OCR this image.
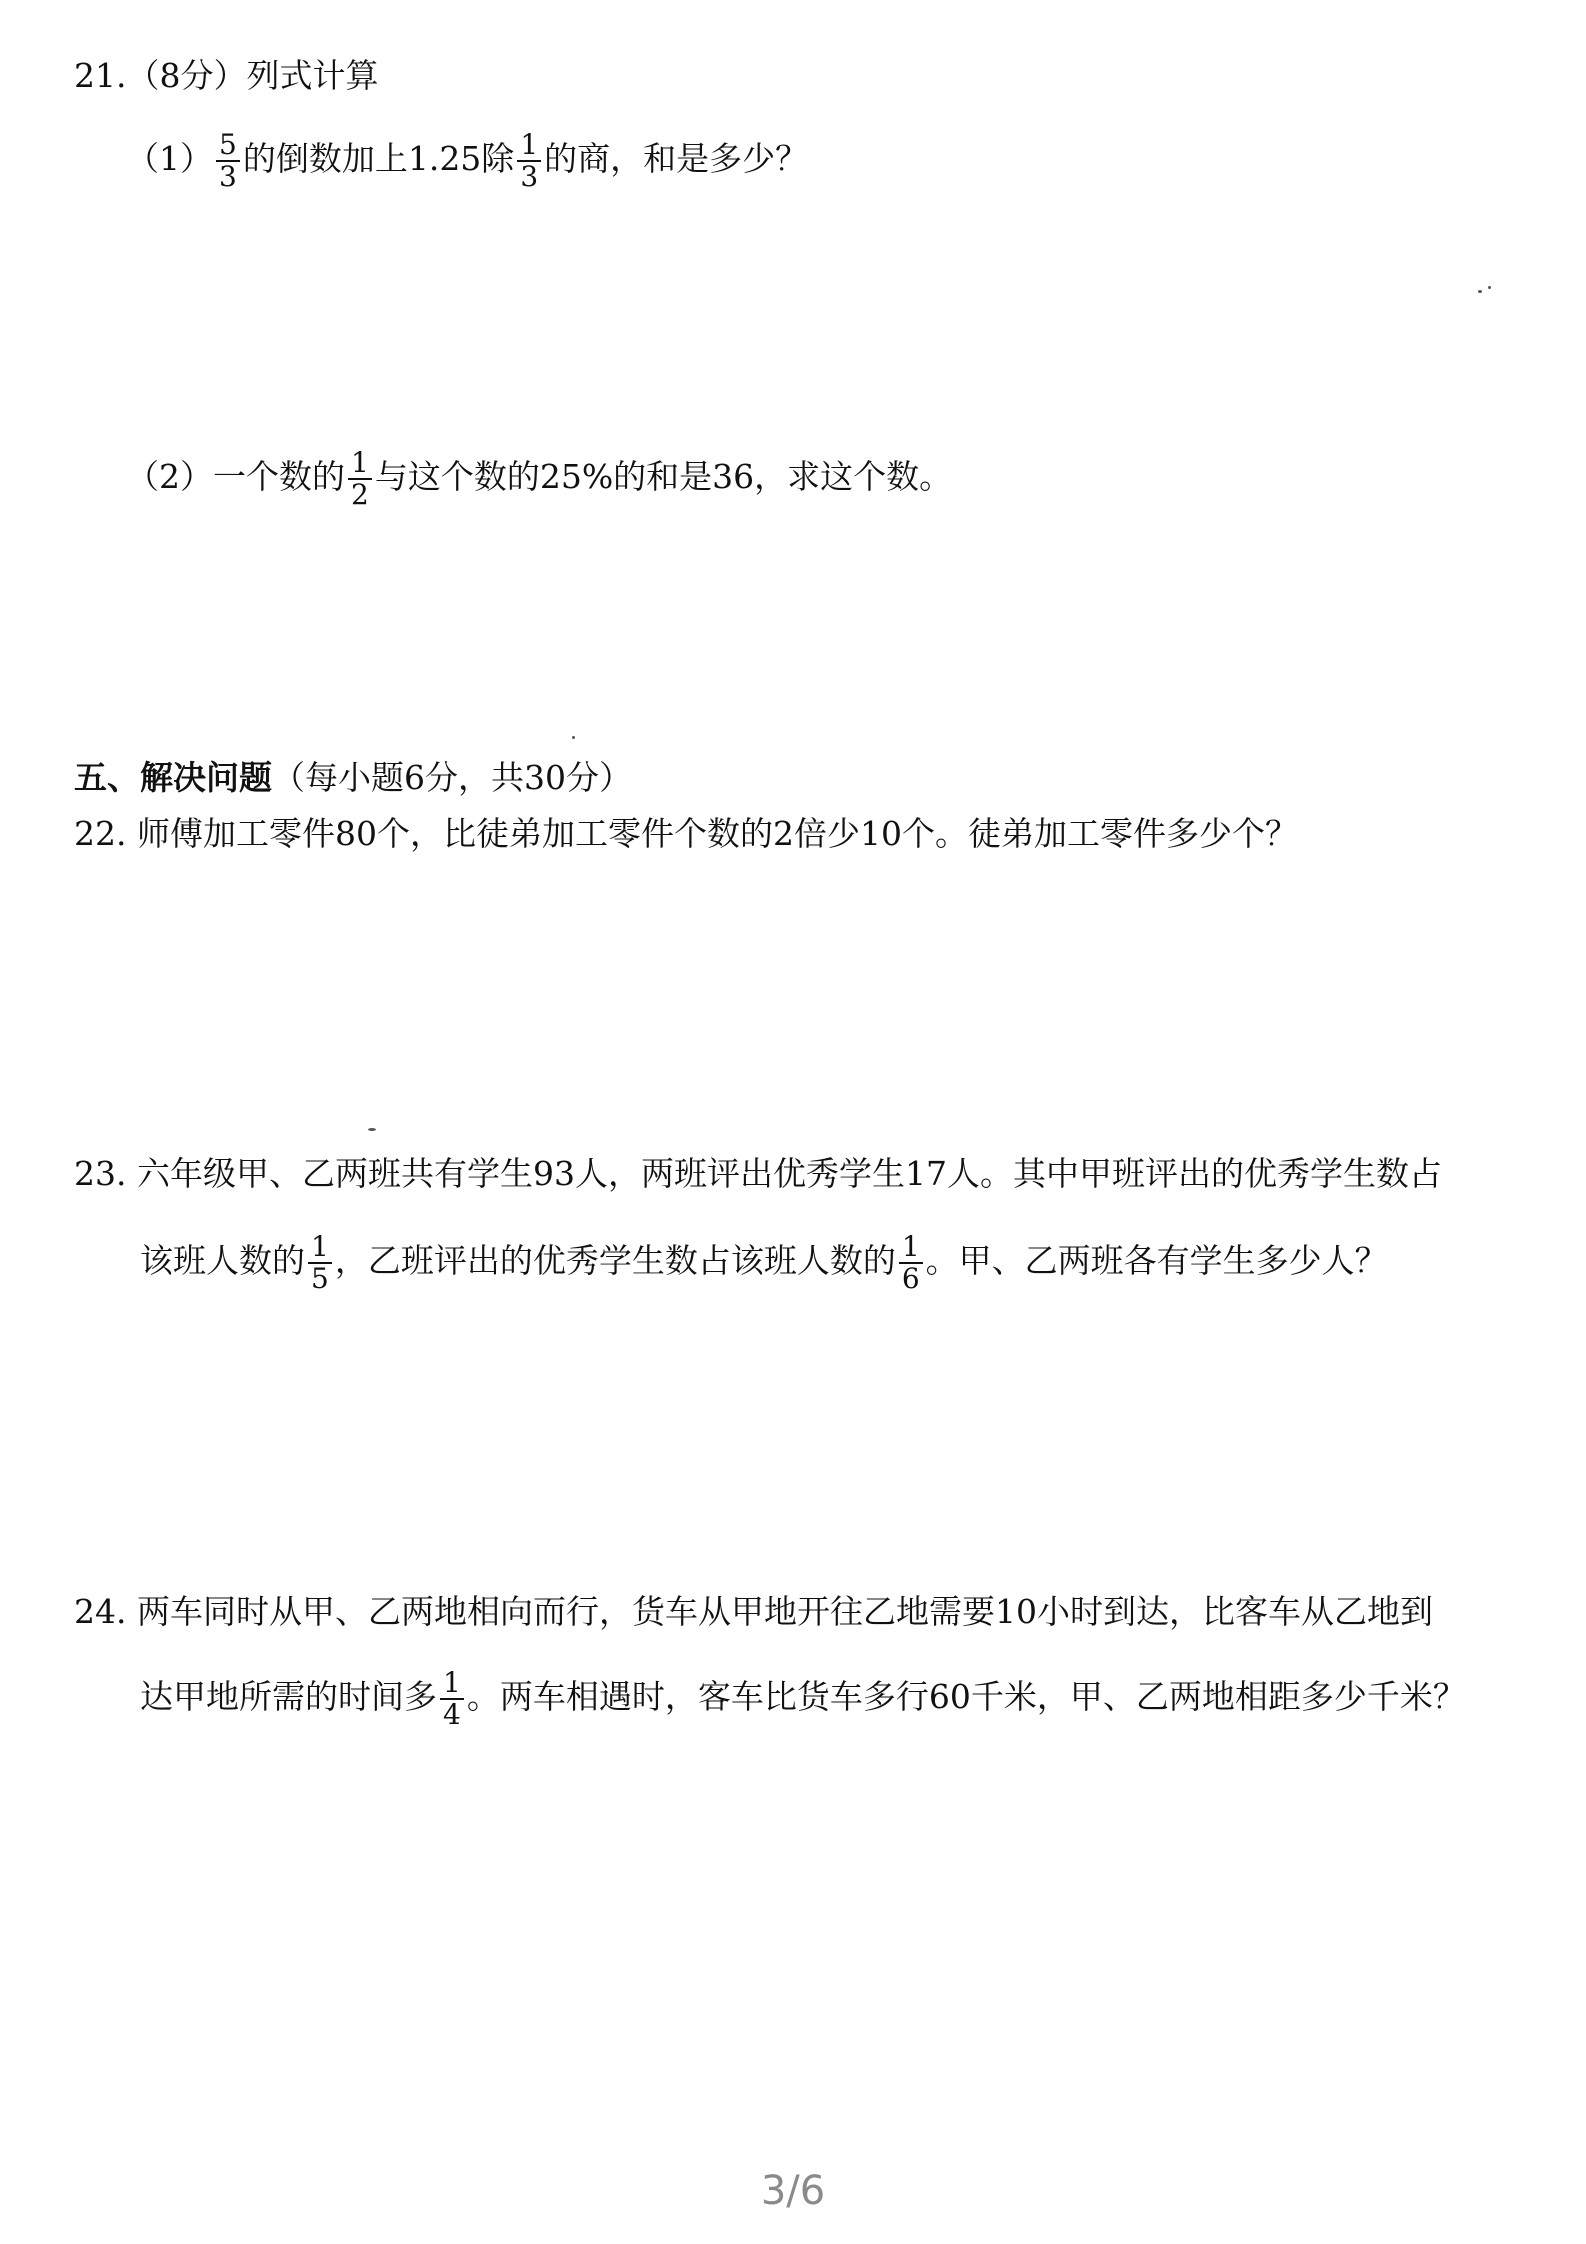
21.（8分）列式计算
$(1) \frac{5}{3}$ 的倒数加上1.25除 $\frac{1}{3}$ 的商，和是多少？
（2）一个数的 $\frac{1}{2}$ 与这个数的25%的和是36，求这个数。
五、解决问题（每小题6分，共30分）
22. 师傅加工零件80个，比徒弟加工零件个数的2倍少10个。徒弟加工零件多少个？
23. 六年级甲、乙两班共有学生93人，两班评出优秀学生17人。其中甲班评出的优秀学生数占
该班人数的 $\frac{1}{5}$ ，乙班评出的优秀学生数占该班人数的 $\frac{1}{6}$ 。甲、乙两班各有学生多少人？
24. 两车同时从甲、乙两地相向而行，货车从甲地开往乙地需要10小时到达，比客车从乙地到
达甲地所需的时间多 $\frac{1}{4}$ 。两车相遇时，客车比货车多行60千米，甲、乙两地相距多少千米？
3/6
